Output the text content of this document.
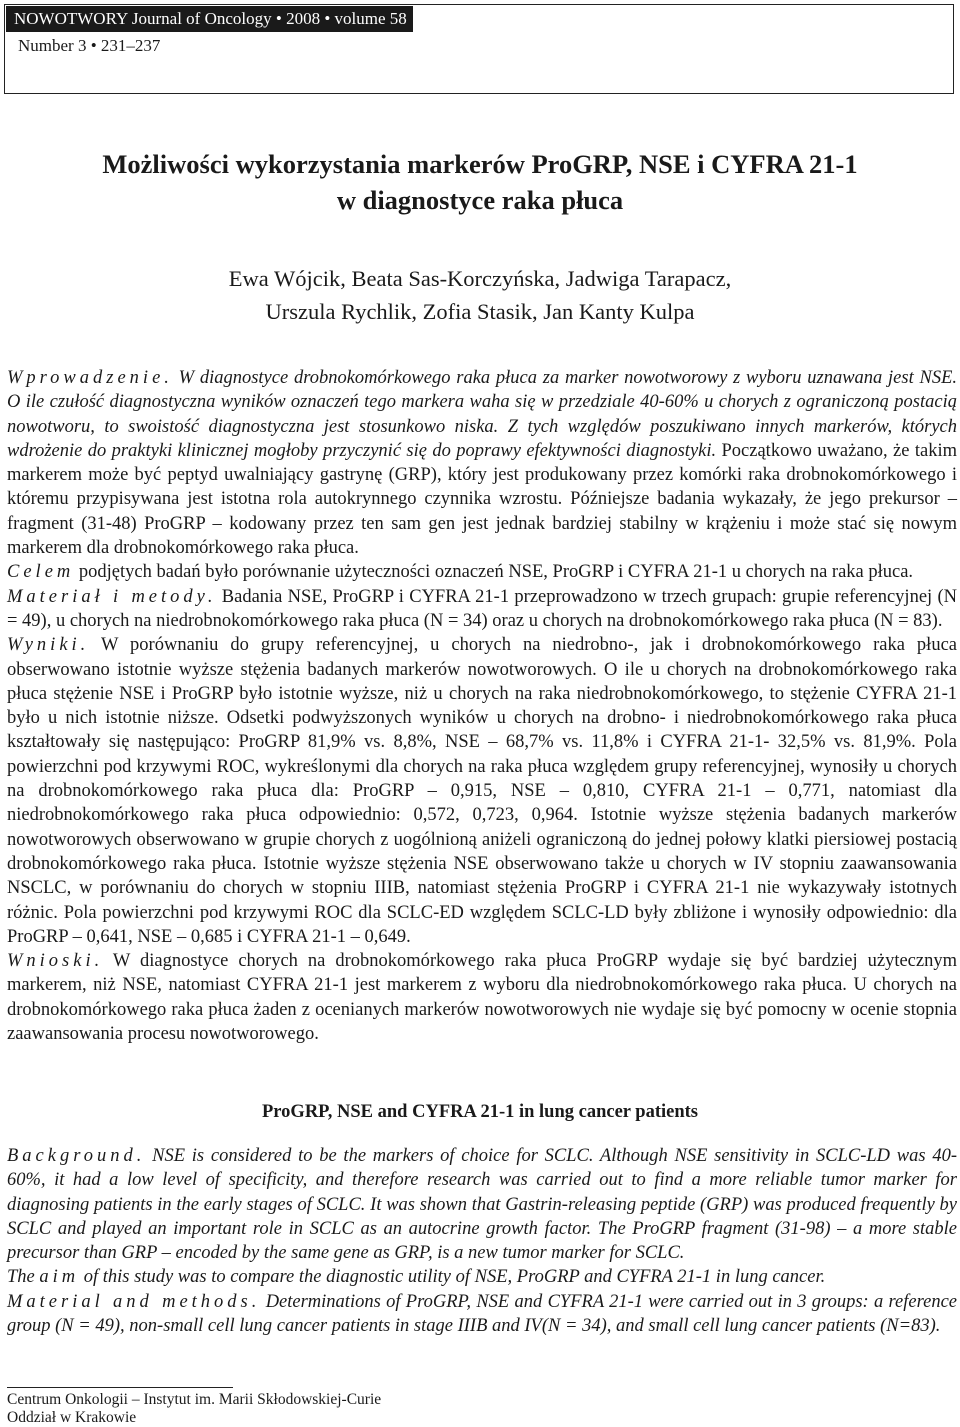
NOWOTWORY Journal of Oncology • 2008 • volume 58
Number 3 • 231–237
Możliwości wykorzystania markerów ProGRP, NSE i CYFRA 21-1
w diagnostyce raka płuca
Ewa Wójcik, Beata Sas-Korczyńska, Jadwiga Tarapacz,
Urszula Rychlik, Zofia Stasik, Jan Kanty Kulpa

Wprowadzenie. W diagnostyce drobnokomórkowego raka płuca za marker nowotworowy z wyboru uznawana jest NSE. O ile czułość diagnostyczna wyników oznaczeń tego markera waha się w przedziale 40-60% u chorych z ograniczoną postacią nowotworu, to swoistość diagnostyczna jest stosunkowo niska. Z tych względów poszukiwano innych markerów, których wdrożenie do praktyki klinicznej mogłoby przyczynić się do poprawy efektywności diagnostyki. Początkowo uważano, że takim markerem może być peptyd uwalniający gastrynę (GRP), który jest produkowany przez komórki raka drobnokomórkowego i któremu przypisywana jest istotna rola autokrynnego czynnika wzrostu. Późniejsze badania wykazały, że jego prekursor – fragment (31-48) ProGRP – kodowany przez ten sam gen jest jednak bardziej stabilny w krążeniu i może stać się nowym markerem dla drobnokomórkowego raka płuca.

Celem podjętych badań było porównanie użyteczności oznaczeń NSE, ProGRP i CYFRA 21-1 u chorych na raka płuca.

Materiał i metody. Badania NSE, ProGRP i CYFRA 21-1 przeprowadzono w trzech grupach: grupie referencyjnej (N = 49), u chorych na niedrobnokomórkowego raka płuca (N = 34) oraz u chorych na drobnokomórkowego raka płuca (N = 83).

Wyniki. W porównaniu do grupy referencyjnej, u chorych na niedrobno-, jak i drobnokomórkowego raka płuca obserwowano istotnie wyższe stężenia badanych markerów nowotworowych. O ile u chorych na drobnokomórkowego raka płuca stężenie NSE i ProGRP było istotnie wyższe, niż u chorych na raka niedrobnokomórkowego, to stężenie CYFRA 21-1 było u nich istotnie niższe. Odsetki podwyższonych wyników u chorych na drobno- i niedrobnokomórkowego raka płuca kształtowały się następująco: ProGRP 81,9% vs. 8,8%, NSE – 68,7% vs. 11,8% i CYFRA 21-1- 32,5% vs. 81,9%. Pola powierzchni pod krzywymi ROC, wykreślonymi dla chorych na raka płuca względem grupy referencyjnej, wynosiły u chorych na drobnokomórkowego raka płuca dla: ProGRP – 0,915, NSE – 0,810, CYFRA 21-1 – 0,771, natomiast dla niedrobnokomórkowego raka płuca odpowiednio: 0,572, 0,723, 0,964. Istotnie wyższe stężenia badanych markerów nowotworowych obserwowano w grupie chorych z uogólnioną aniżeli ograniczoną do jednej połowy klatki piersiowej postacią drobnokomórkowego raka płuca. Istotnie wyższe stężenia NSE obserwowano także u chorych w IV stopniu zaawansowania NSCLC, w porównaniu do chorych w stopniu IIIB, natomiast stężenia ProGRP i CYFRA 21-1 nie wykazywały istotnych różnic. Pola powierzchni pod krzywymi ROC dla SCLC-ED względem SCLC-LD były zbliżone i wynosiły odpowiednio: dla ProGRP – 0,641, NSE – 0,685 i CYFRA 21-1 – 0,649.

Wnioski. W diagnostyce chorych na drobnokomórkowego raka płuca ProGRP wydaje się być bardziej użytecznym markerem, niż NSE, natomiast CYFRA 21-1 jest markerem z wyboru dla niedrobnokomórkowego raka płuca. U chorych na drobnokomórkowego raka płuca żaden z ocenianych markerów nowotworowych nie wydaje się być pomocny w ocenie stopnia zaawansowania procesu nowotworowego.

ProGRP, NSE and CYFRA 21-1 in lung cancer patients

Background. NSE is considered to be the markers of choice for SCLC. Although NSE sensitivity in SCLC-LD was 40-60%, it had a low level of specificity, and therefore research was carried out to find a more reliable tumor marker for diagnosing patients in the early stages of SCLC. It was shown that Gastrin-releasing peptide (GRP) was produced frequently by SCLC and played an important role in SCLC as an autocrine growth factor. The ProGRP fragment (31-98) – a more stable precursor than GRP – encoded by the same gene as GRP, is a new tumor marker for SCLC.

The aim of this study was to compare the diagnostic utility of NSE, ProGRP and CYFRA 21-1 in lung cancer.

Material and methods. Determinations of ProGRP, NSE and CYFRA 21-1 were carried out in 3 groups: a reference group (N = 49), non-small cell lung cancer patients in stage IIIB and IV(N = 34), and small cell lung cancer patients (N=83).

Centrum Onkologii – Instytut im. Marii Skłodowskiej-Curie
Oddział w Krakowie
